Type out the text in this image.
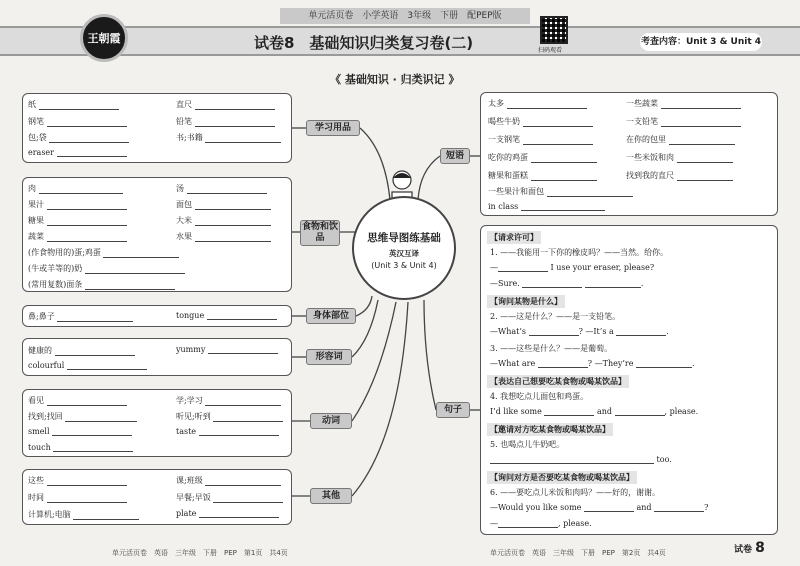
单元活页卷　小学英语　3年级　下册　配PEP版
王朝霞	试卷8　基础知识归类复习卷(二)	扫码观看
考查内容：Unit 3 & Unit 4
《 基础知识 · 归类识记 》
纸	直尺
钢笔	铅笔
包;袋	书;书籍
eraser
学习用品
肉	汤
果汁	面包
糖果	大米
蔬菜	水果
(作食物用的)蛋;鸡蛋
(牛或羊等的)奶
(常用复数)面条
食物和饮品
鼻;鼻子	tongue	身体部位
健康的	yummy
colourful
形容词
看见	学;学习
找到;找回	听见;听到
smell	taste
touch
动词
这些	课;班级
时间	早餐;早饭
计算机;电脑	plate
其他
思维导图练基础
英汉互译
(Unit 3 & Unit 4)
短语
太多	一些蔬菜
喝些牛奶	一支铅笔
一支钢笔	在你的包里
吃你的鸡蛋	一些米饭和肉
糖果和蛋糕	找到我的直尺
一些果汁和面包
in class
句子
【请求许可】
1. ——我能用一下你的橡皮吗？——当然。给你。
—	I use your eraser, please?
—Sure.	.
【询问某物是什么】
2. ——这是什么？——是一支铅笔。
—What’s	? —It’s a	.
3. ——这些是什么？——是葡萄。
—What are	? —They’re	.
【表达自己想要吃某食物或喝某饮品】
4. 我想吃点儿面包和鸡蛋。
I’d like some	and	, please.
【邀请对方吃某食物或喝某饮品】
5. 也喝点儿牛奶吧。
too.
【询问对方是否要吃某食物或喝某饮品】
6. ——要吃点儿米饭和肉吗？——好的，谢谢。
—Would you like some	and	?
—	, please.
单元活页卷　英语　三年级　下册　PEP　第1页　共4页	单元活页卷　英语　三年级　下册　PEP　第2页　共4页	试卷 8
